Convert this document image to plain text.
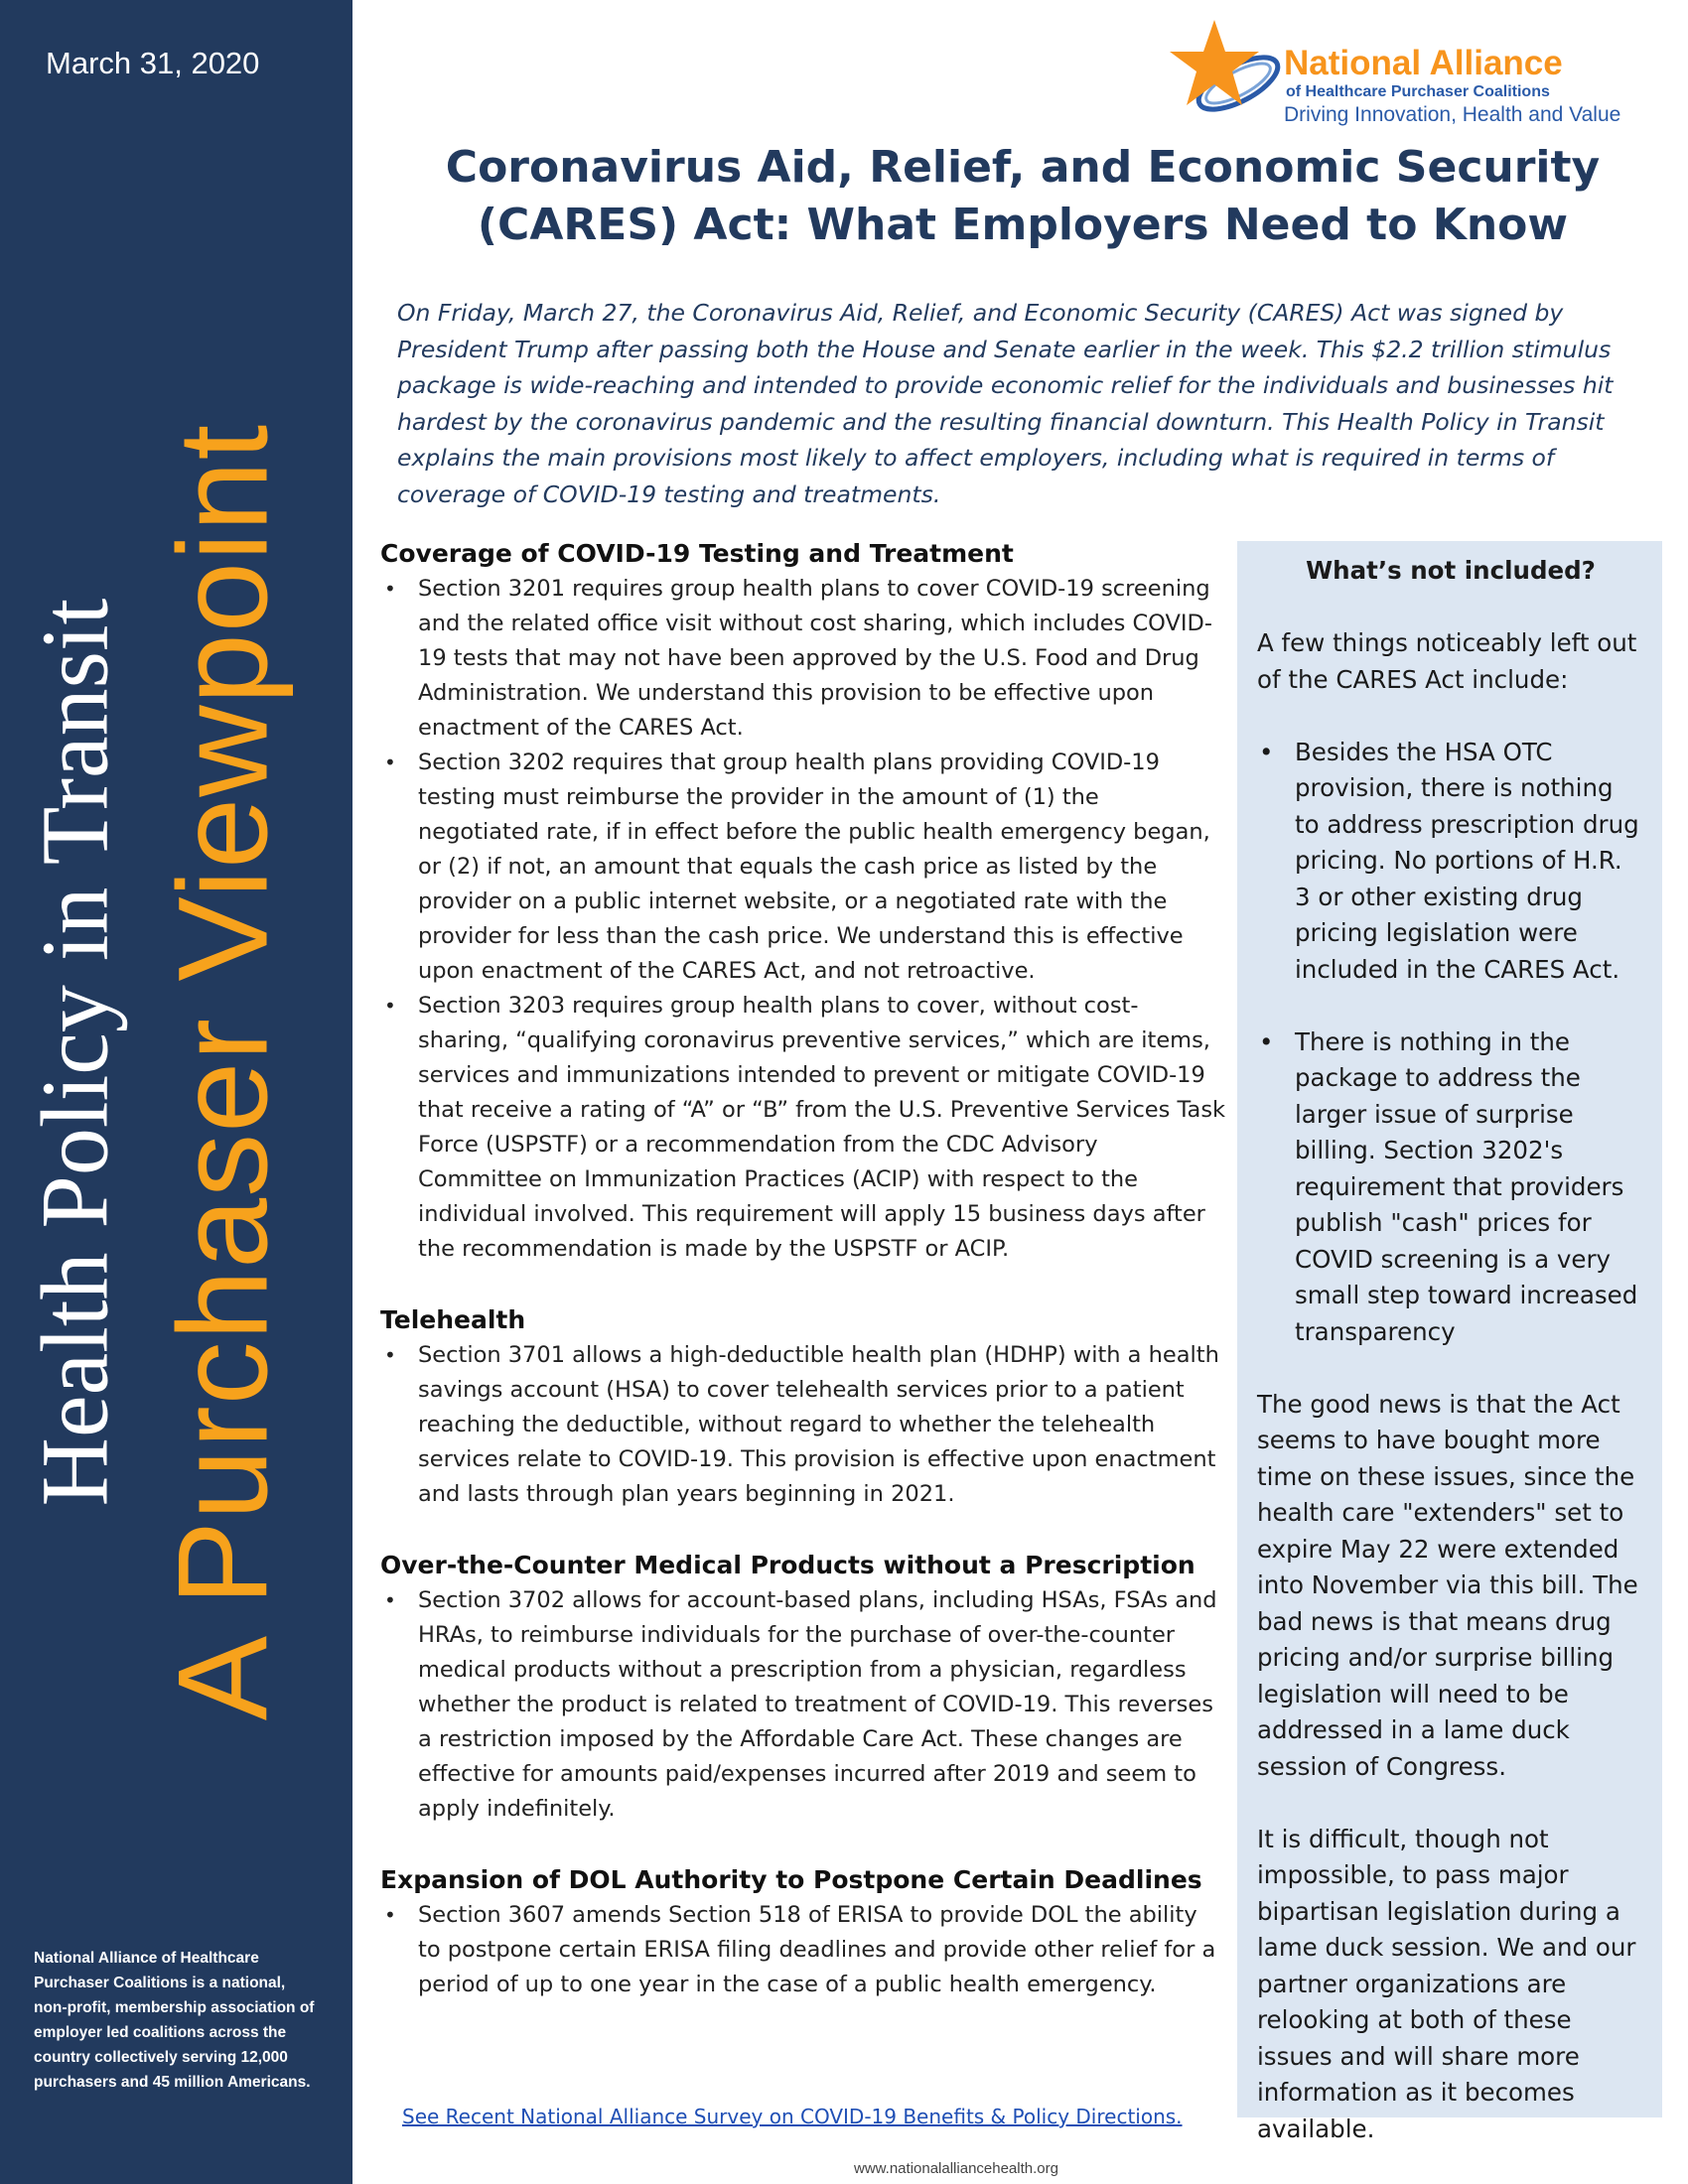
March 31, 2020
A Purchaser Viewpoint
Health Policy in Transit
National Alliance of Healthcare Purchaser Coalitions is a national, non-profit, membership association of employer led coalitions across the country collectively serving 12,000 purchasers and 45 million Americans.
National Alliance
of Healthcare Purchaser Coalitions
Driving Innovation, Health and Value
Coronavirus Aid, Relief, and Economic Security (CARES) Act: What Employers Need to Know

On Friday, March 27, the Coronavirus Aid, Relief, and Economic Security (CARES) Act was signed by President Trump after passing both the House and Senate earlier in the week. This $2.2 trillion stimulus package is wide-reaching and intended to provide economic relief for the individuals and businesses hit hardest by the coronavirus pandemic and the resulting financial downturn. This Health Policy in Transit explains the main provisions most likely to affect employers, including what is required in terms of coverage of COVID-19 testing and treatments.

Coverage of COVID-19 Testing and Treatment
• Section 3201 requires group health plans to cover COVID-19 screening and the related office visit without cost sharing, which includes COVID-19 tests that may not have been approved by the U.S. Food and Drug Administration. We understand this provision to be effective upon enactment of the CARES Act.
• Section 3202 requires that group health plans providing COVID-19 testing must reimburse the provider in the amount of (1) the negotiated rate, if in effect before the public health emergency began, or (2) if not, an amount that equals the cash price as listed by the provider on a public internet website, or a negotiated rate with the provider for less than the cash price. We understand this is effective upon enactment of the CARES Act, and not retroactive.
• Section 3203 requires group health plans to cover, without cost-sharing, “qualifying coronavirus preventive services,” which are items, services and immunizations intended to prevent or mitigate COVID-19 that receive a rating of “A” or “B” from the U.S. Preventive Services Task Force (USPSTF) or a recommendation from the CDC Advisory Committee on Immunization Practices (ACIP) with respect to the individual involved. This requirement will apply 15 business days after the recommendation is made by the USPSTF or ACIP.
Telehealth
• Section 3701 allows a high-deductible health plan (HDHP) with a health savings account (HSA) to cover telehealth services prior to a patient reaching the deductible, without regard to whether the telehealth services relate to COVID-19. This provision is effective upon enactment and lasts through plan years beginning in 2021.
Over-the-Counter Medical Products without a Prescription
• Section 3702 allows for account-based plans, including HSAs, FSAs and HRAs, to reimburse individuals for the purchase of over-the-counter medical products without a prescription from a physician, regardless whether the product is related to treatment of COVID-19. This reverses a restriction imposed by the Affordable Care Act. These changes are effective for amounts paid/expenses incurred after 2019 and seem to apply indefinitely.
Expansion of DOL Authority to Postpone Certain Deadlines
• Section 3607 amends Section 518 of ERISA to provide DOL the ability to postpone certain ERISA filing deadlines and provide other relief for a period of up to one year in the case of a public health emergency.
See Recent National Alliance Survey on COVID-19 Benefits & Policy Directions.
www.nationalalliancehealth.org
What’s not included?

A few things noticeably left out of the CARES Act include:

• Besides the HSA OTC provision, there is nothing to address prescription drug pricing. No portions of H.R. 3 or other existing drug pricing legislation were included in the CARES Act.
• There is nothing in the package to address the larger issue of surprise billing. Section 3202's requirement that providers publish "cash" prices for COVID screening is a very small step toward increased transparency

The good news is that the Act seems to have bought more time on these issues, since the health care "extenders" set to expire May 22 were extended into November via this bill. The bad news is that means drug pricing and/or surprise billing legislation will need to be addressed in a lame duck session of Congress.

It is difficult, though not impossible, to pass major bipartisan legislation during a lame duck session. We and our partner organizations are relooking at both of these issues and will share more information as it becomes available.
